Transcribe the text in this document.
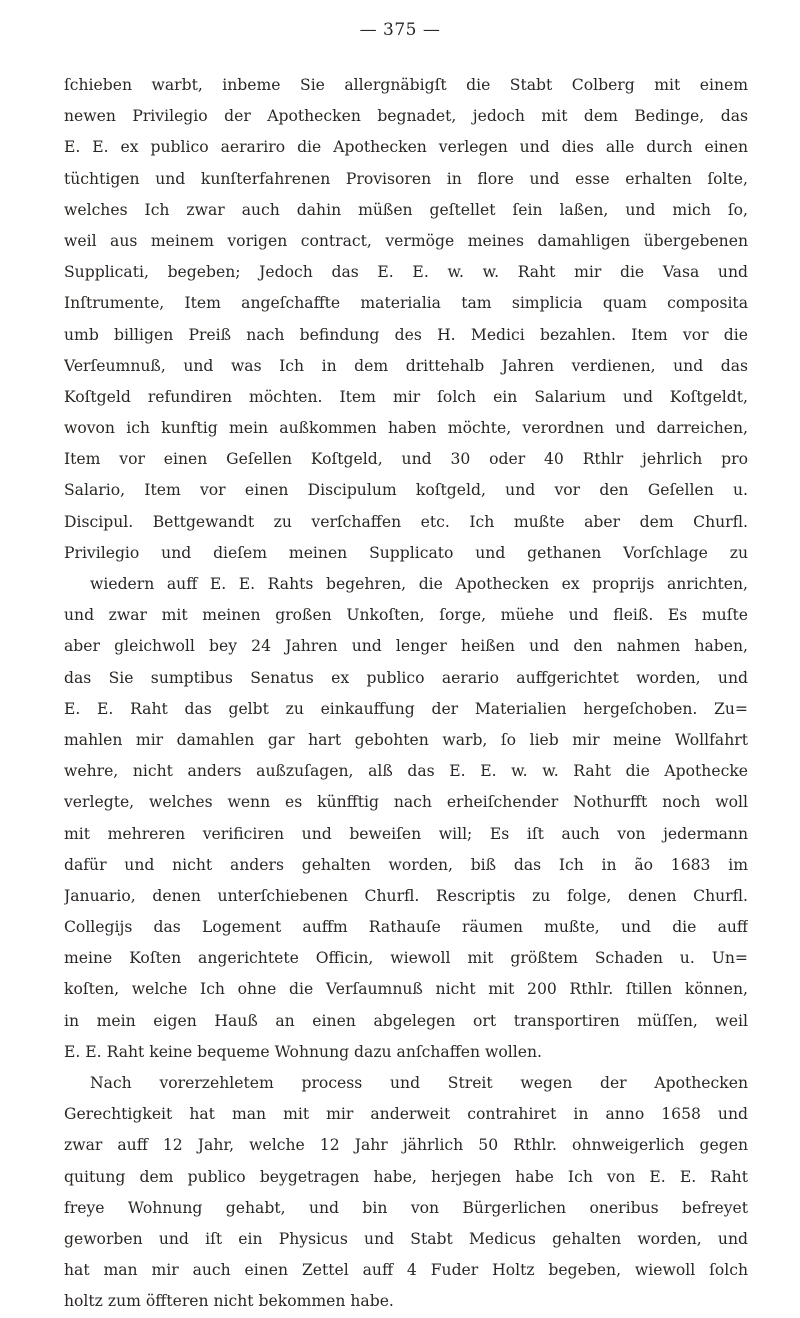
— 375 —
ſchieben warbt, inbeme Sie allergnäbigſt die Stabt Colberg mit einem
newen Privilegio der Apothecken begnadet, jedoch mit dem Bedinge, das
E. E. ex publico aerariro die Apothecken verlegen und dies alle durch einen
tüchtigen und kunſterfahrenen Provisoren in flore und esse erhalten ſolte,
welches Ich zwar auch dahin müßen geſtellet ſein laßen, und mich ſo,
weil aus meinem vorigen contract, vermöge meines damahligen übergebenen
Supplicati, begeben; Jedoch das E. E. w. w. Raht mir die Vasa und
Inſtrumente, Item angeſchaffte materialia tam simplicia quam composita
umb billigen Preiß nach befindung des H. Medici bezahlen. Item vor die
Verſeumnuß, und was Ich in dem drittehalb Jahren verdienen, und das
Koſtgeld refundiren möchten. Item mir ſolch ein Salarium und Koſtgeldt,
wovon ich kunftig mein außkommen haben möchte, verordnen und darreichen,
Item vor einen Geſellen Koſtgeld, und 30 oder 40 Rthlr jehrlich pro
Salario, Item vor einen Discipulum koſtgeld, und vor den Geſellen u.
Discipul. Bettgewandt zu verſchaffen etc. Ich mußte aber dem Churfl.
Privilegio und dieſem meinen Supplicato und gethanen Vorſchlage zu
wiedern auff E. E. Rahts begehren, die Apothecken ex proprijs anrichten,
und zwar mit meinen großen Unkoſten, ſorge, müehe und fleiß. Es muſte
aber gleichwoll bey 24 Jahren und lenger heißen und den nahmen haben,
das Sie sumptibus Senatus ex publico aerario auffgerichtet worden, und
E. E. Raht das gelbt zu einkauffung der Materialien hergeſchoben. Zu=
mahlen mir damahlen gar hart gebohten warb, ſo lieb mir meine Wollfahrt
wehre, nicht anders außzuſagen, alß das E. E. w. w. Raht die Apothecke
verlegte, welches wenn es künfftig nach erheiſchender Nothurfft noch woll
mit mehreren verificiren und beweiſen will; Es iſt auch von jedermann
dafür und nicht anders gehalten worden, biß das Ich in ão 1683 im
Januario, denen unterſchiebenen Churfl. Rescriptis zu folge, denen Churfl.
Collegijs das Logement auffm Rathauſe räumen mußte, und die auff
meine Koſten angerichtete Officin, wiewoll mit größtem Schaden u. Un=
koſten, welche Ich ohne die Verſaumnuß nicht mit 200 Rthlr. ſtillen können,
in mein eigen Hauß an einen abgelegen ort transportiren müſſen, weil
E. E. Raht keine bequeme Wohnung dazu anſchaffen wollen.
Nach vorerzehletem process und Streit wegen der Apothecken
Gerechtigkeit hat man mit mir anderweit contrahiret in anno 1658 und
zwar auff 12 Jahr, welche 12 Jahr jährlich 50 Rthlr. ohnweigerlich gegen
quitung dem publico beygetragen habe, herjegen habe Ich von E. E. Raht
freye Wohnung gehabt, und bin von Bürgerlichen oneribus befreyet
geworben und iſt ein Physicus und Stabt Medicus gehalten worden, und
hat man mir auch einen Zettel auff 4 Fuder Holtz begeben, wiewoll ſolch
holtz zum öffteren nicht bekommen habe.
